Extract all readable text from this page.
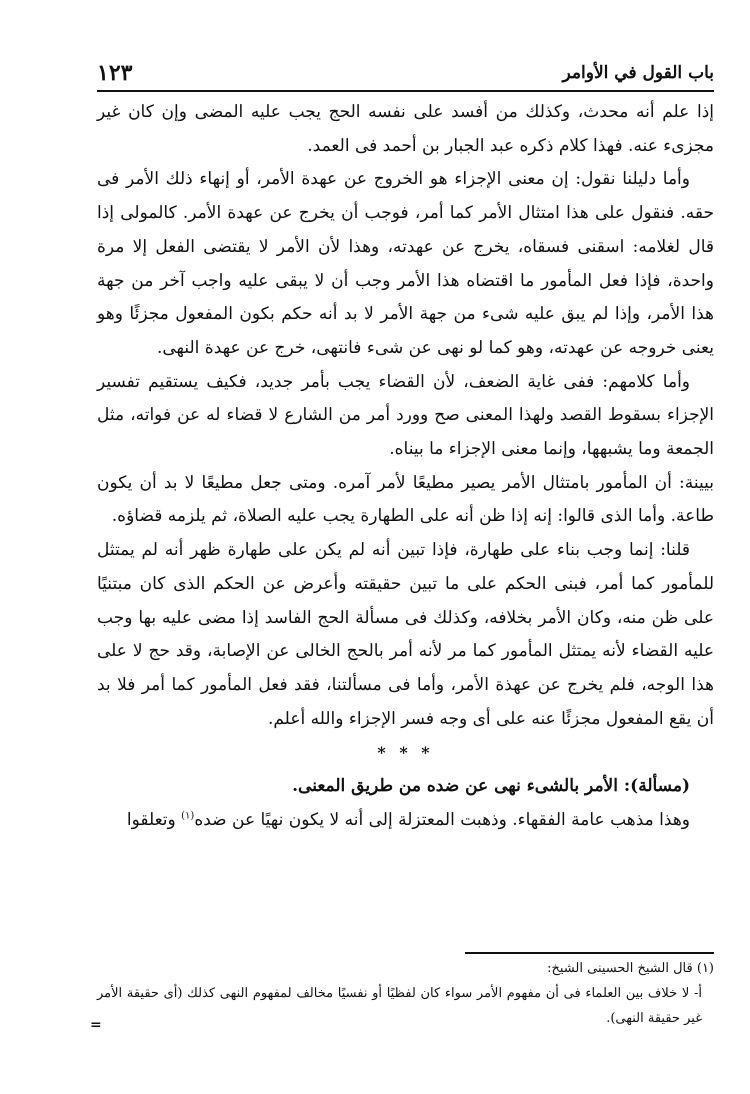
١٢٣	باب القول في الأوامر

إذا علم أنه محدث، وكذلك من أفسد على نفسه الحج يجب عليه المضى وإن كان غير مجزىء عنه. فهذا كلام ذكره عبد الجبار بن أحمد فى العمد.

وأما دليلنا نقول: إن معنى الإجزاء هو الخروج عن عهدة الأمر، أو إنهاء ذلك الأمر فى حقه. فنقول على هذا امتثال الأمر كما أمر، فوجب أن يخرج عن عهدة الأمر. كالمولى إذا قال لغلامه: اسقنى فسقاه، يخرج عن عهدته، وهذا لأن الأمر لا يقتضى الفعل إلا مرة واحدة، فإذا فعل المأمور ما اقتضاه هذا الأمر وجب أن لا يبقى عليه واجب آخر من جهة هذا الأمر، وإذا لم يبق عليه شىء من جهة الأمر لا بد أنه حكم بكون المفعول مجزئًا وهو يعنى خروجه عن عهدته، وهو كما لو نهى عن شىء فانتهى، خرج عن عهدة النهى.

وأما كلامهم: ففى غاية الضعف، لأن القضاء يجب بأمر جديد، فكيف يستقيم تفسير الإجزاء بسقوط القصد ولهذا المعنى صح وورد أمر من الشارع لا قضاء له عن فواته، مثل الجمعة وما يشبهها، وإنما معنى الإجزاء ما بيناه.

بيينة: أن المأمور بامتثال الأمر يصير مطيعًا لأمر آمره. ومتى جعل مطيعًا لا بد أن يكون طاعة. وأما الذى قالوا: إنه إذا ظن أنه على الطهارة يجب عليه الصلاة، ثم يلزمه قضاؤه.

قلنا: إنما وجب بناء على طهارة، فإذا تبين أنه لم يكن على طهارة ظهر أنه لم يمتثل للمأمور كما أمر، فبنى الحكم على ما تبين حقيقته وأعرض عن الحكم الذى كان مبتنيًا على ظن منه، وكان الأمر بخلافه، وكذلك فى مسألة الحج الفاسد إذا مضى عليه بها وجب عليه القضاء لأنه يمتثل المأمور كما مر لأنه أمر بالحج الخالى عن الإصابة، وقد حج لا على هذا الوجه، فلم يخرج عن عهذة الأمر، وأما فى مسألتنا، فقد فعل المأمور كما أمر فلا بد أن يقع المفعول مجزئًا عنه على أى وجه فسر الإجزاء والله أعلم.

* * *

(مسألة): الأمر بالشىء نهى عن ضده من طريق المعنى.

وهذا مذهب عامة الفقهاء. وذهبت المعتزلة إلى أنه لا يكون نهيًا عن ضده$^{(١)}$ وتعلقوا

(١) قال الشيخ الحسينى الشيخ:

أ- لا خلاف بين العلماء فى أن مفهوم الأمر سواء كان لفظيًا أو نفسيًا مخالف لمفهوم النهى كذلك (أى حقيقة الأمر غير حقيقة النهى).

=
